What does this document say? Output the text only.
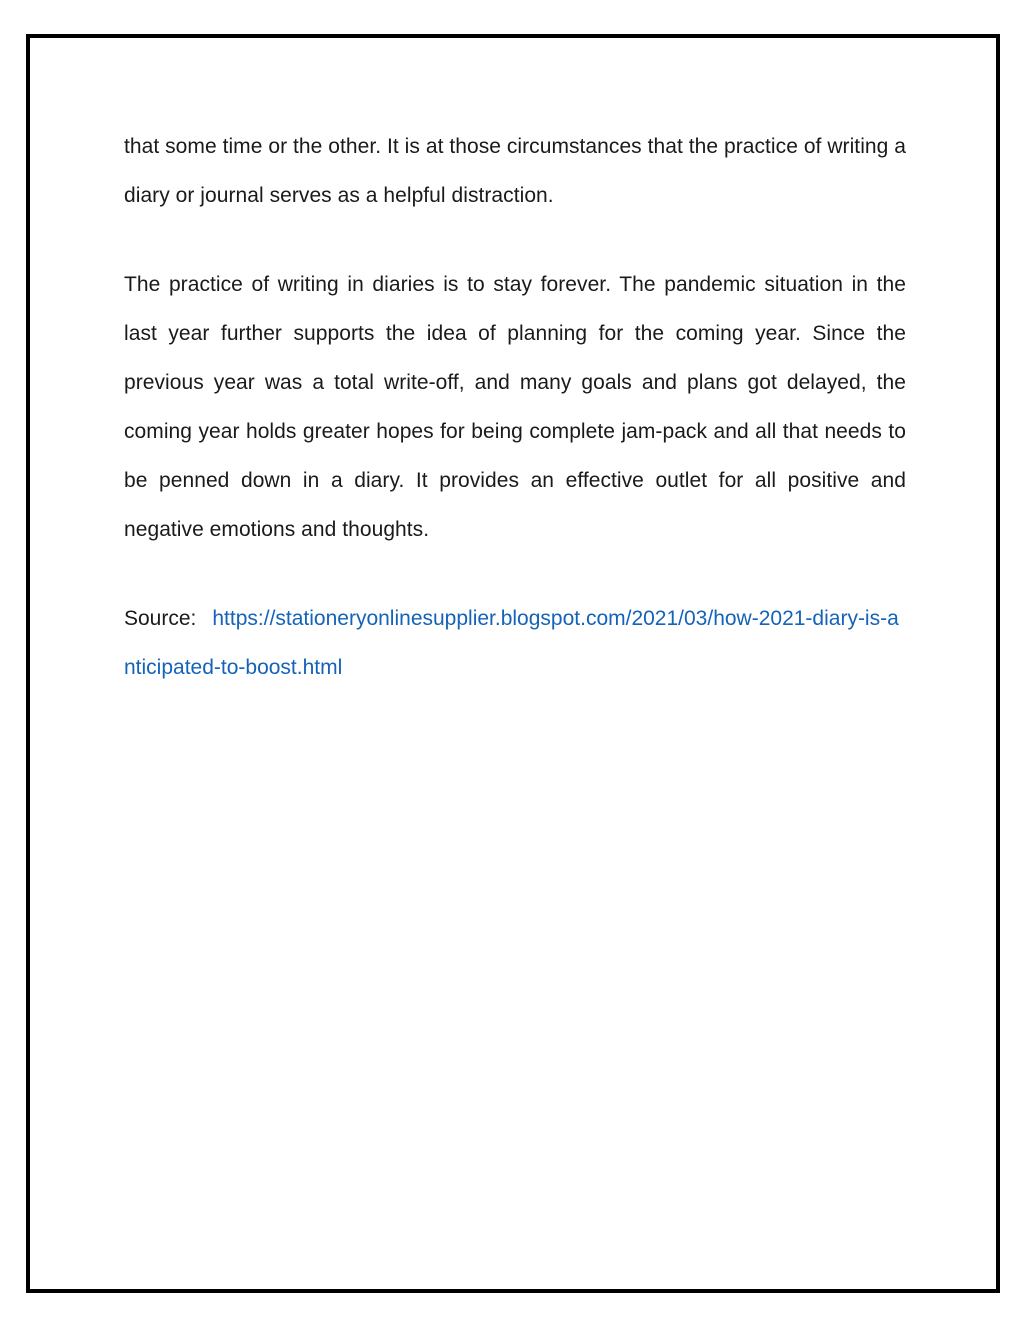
that some time or the other. It is at those circumstances that the practice of writing a diary or journal serves as a helpful distraction.

The practice of writing in diaries is to stay forever. The pandemic situation in the last year further supports the idea of planning for the coming year. Since the previous year was a total write-off, and many goals and plans got delayed, the coming year holds greater hopes for being complete jam-pack and all that needs to be penned down in a diary. It provides an effective outlet for all positive and negative emotions and thoughts.

Source: https://stationeryonlinesupplier.blogspot.com/2021/03/how-2021-diary-is-anticipated-to-boost.html
